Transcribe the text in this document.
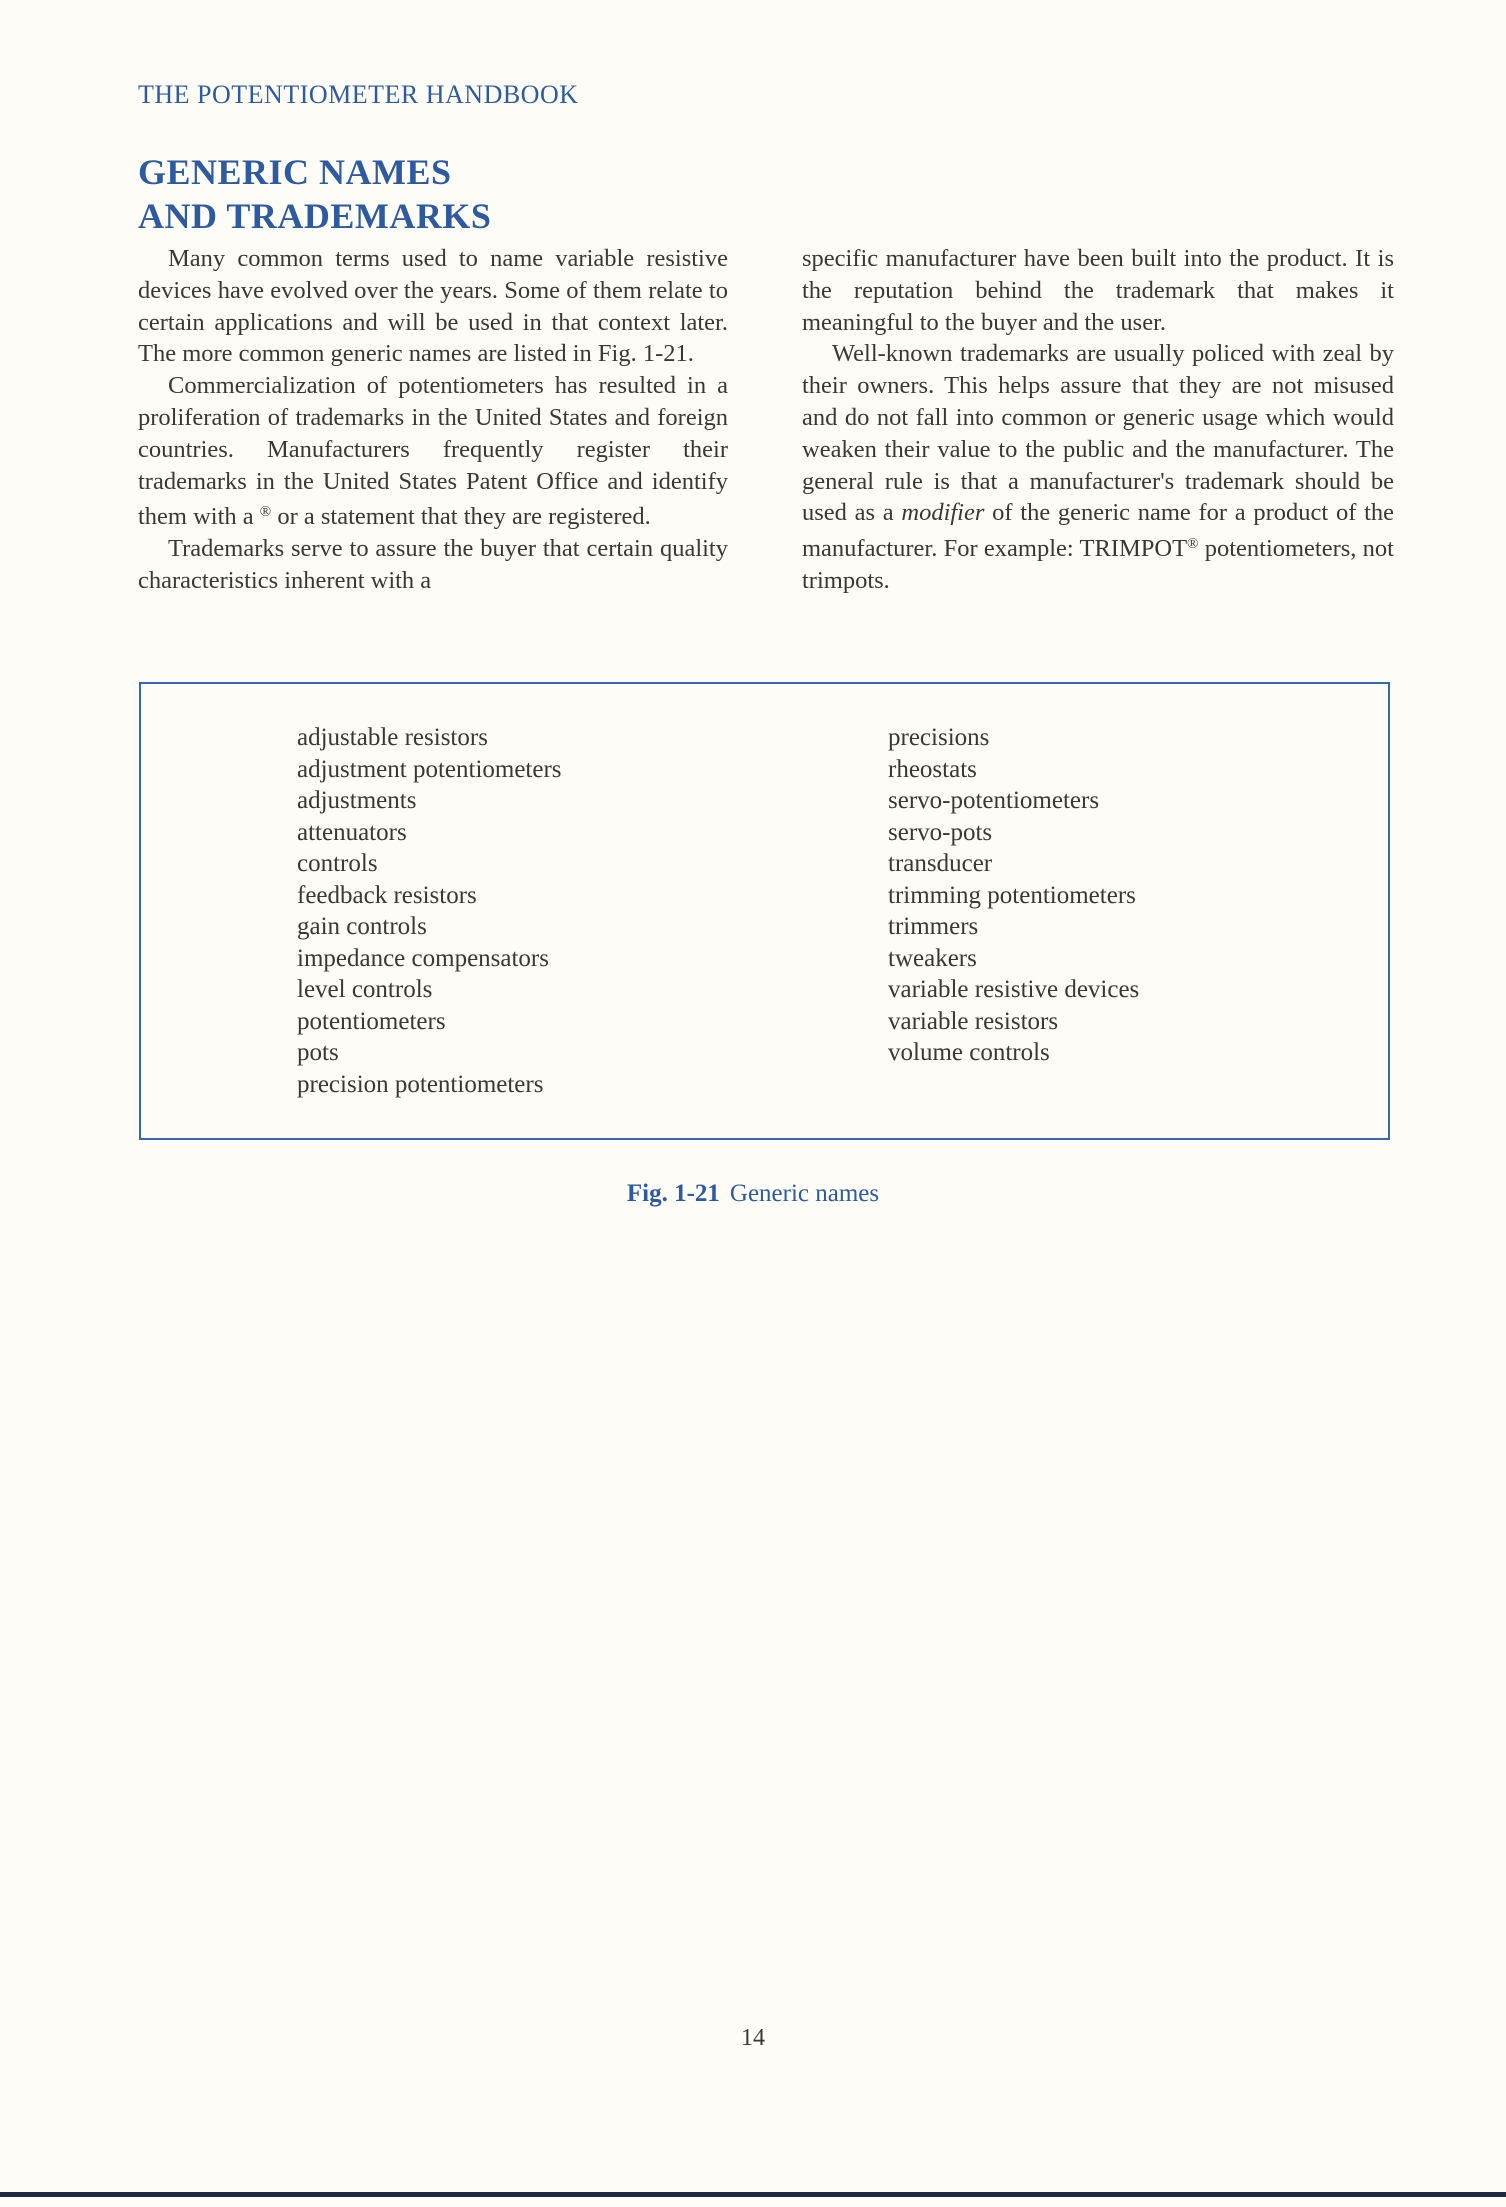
THE POTENTIOMETER HANDBOOK
GENERIC NAMES
AND TRADEMARKS

Many common terms used to name variable resistive devices have evolved over the years. Some of them relate to certain applications and will be used in that context later. The more common generic names are listed in Fig. 1-21.

Commercialization of potentiometers has resulted in a proliferation of trademarks in the United States and foreign countries. Manufacturers frequently register their trademarks in the United States Patent Office and identify them with a ® or a statement that they are registered.

Trademarks serve to assure the buyer that certain quality characteristics inherent with a

specific manufacturer have been built into the product. It is the reputation behind the trademark that makes it meaningful to the buyer and the user.

Well-known trademarks are usually policed with zeal by their owners. This helps assure that they are not misused and do not fall into common or generic usage which would weaken their value to the public and the manufacturer. The general rule is that a manufacturer's trademark should be used as a modifier of the generic name for a product of the manufacturer. For example: TRIMPOT® potentiometers, not trimpots.

adjustable resistors
adjustment potentiometers
adjustments
attenuators
controls
feedback resistors
gain controls
impedance compensators
level controls
potentiometers
pots
precision potentiometers
precisions
rheostats
servo-potentiometers
servo-pots
transducer
trimming potentiometers
trimmers
tweakers
variable resistive devices
variable resistors
volume controls
Fig. 1-21 Generic names
14
